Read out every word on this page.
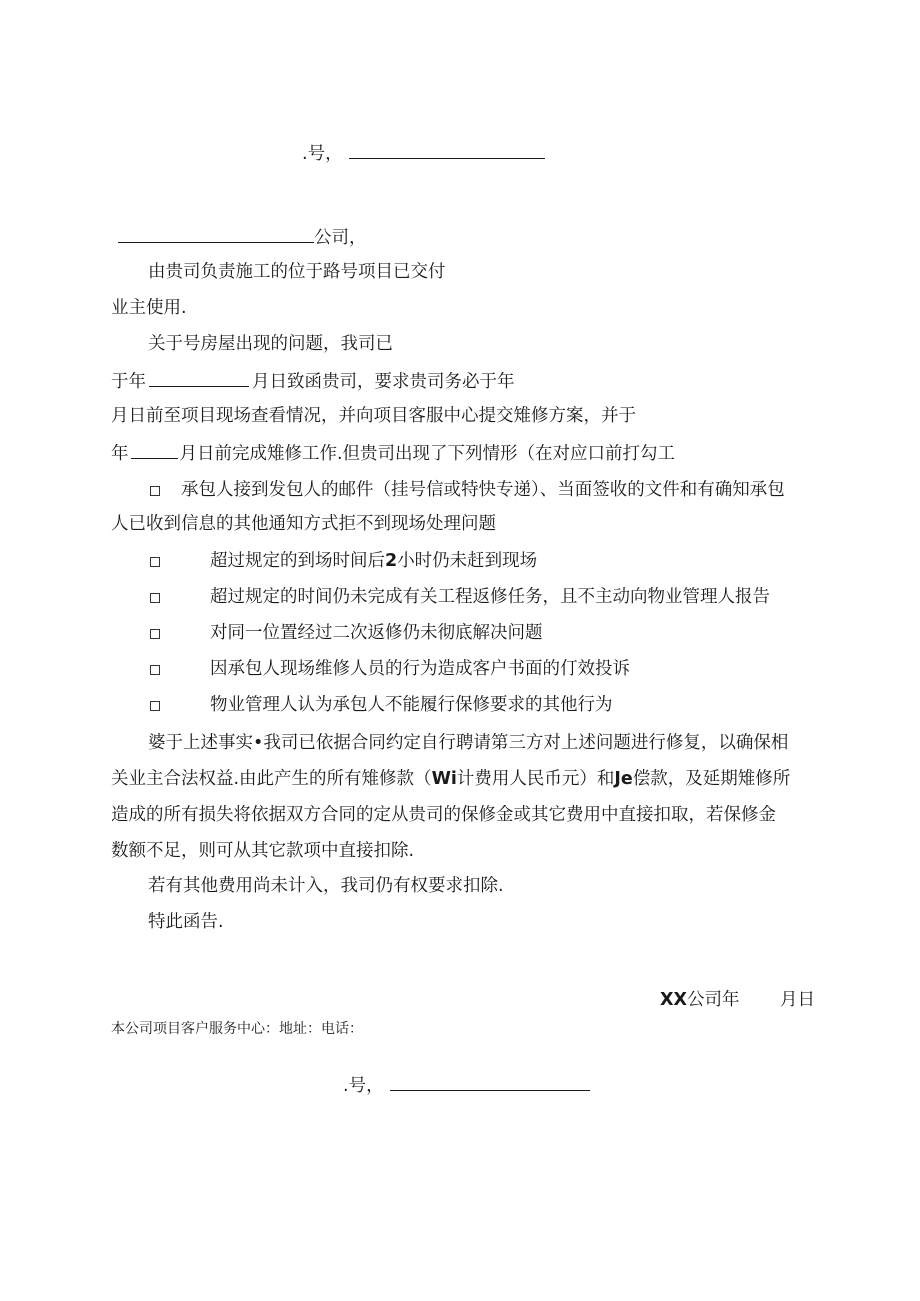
.号，
公司，
由贵司负责施工的位于路号项目已交付
业主使用.
关于号房屋出现的问题，我司已
于年	月日致函贵司，要求贵司务必于年
月日前至项目现场查看情况，并向项目客服中心提交雉修方案，并于
年	月日前完成雉修工作.但贵司出现了下列情形（在对应口前打勾工
承包人接到发包人的邮件（挂号信或特快专递）、当面签收的文件和有确知承包
人已收到信息的其他通知方式拒不到现场处理问题
超过规定的到场时间后2小时仍未赶到现场
超过规定的时间仍未完成有关工程返修任务，且不主动向物业管理人报告
对同一位置经过二次返修仍未彻底解决问题
因承包人现场维修人员的行为造成客户书面的仃效投诉
物业管理人认为承包人不能履行保修要求的其他行为
婆于上述事实•我司已依据合同约定自行聘请第三方对上述问题进行修复，以确保相
关业主合法权益.由此产生的所有雉修款（Wi计费用人民币元）和Je偿款，及延期雉修所
造成的所有损失将依据双方合同的定从贵司的保修金或其它费用中直接扣取，若保修金
数额不足，则可从其它款项中直接扣除.
若有其他费用尚未计入，我司仍有权要求扣除.
特此函告.
XX公司年 月日
本公司项目客户服务中心：地址：电话：
.号，
